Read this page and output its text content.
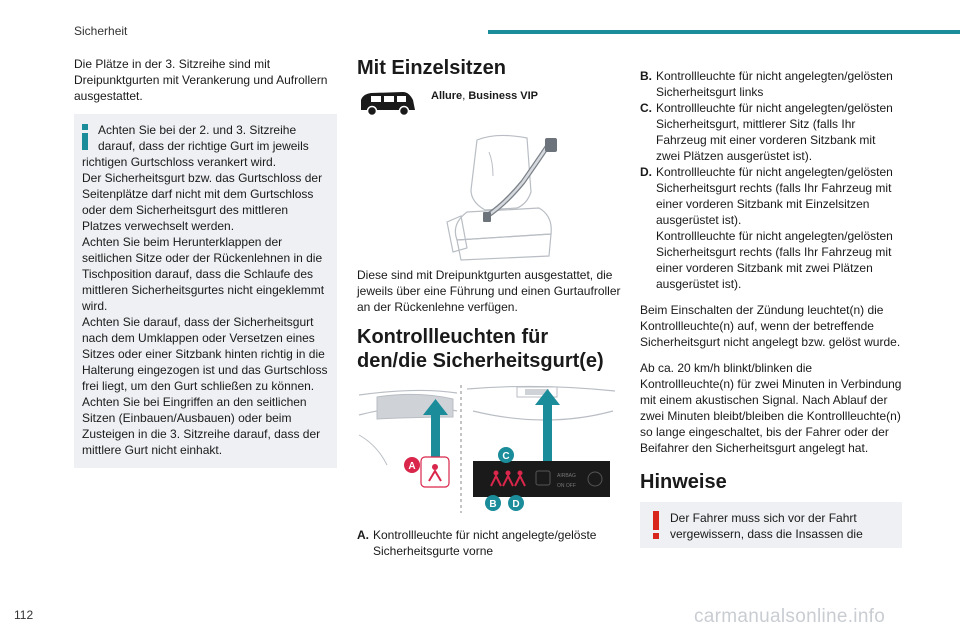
Sicherheit

Die Plätze in der 3. Sitzreihe sind mit Dreipunktgurten mit Verankerung und Aufrollern ausgestattet.

Achten Sie bei der 2. und 3. Sitzreihe darauf, dass der richtige Gurt im jeweils
richtigen Gurtschloss verankert wird.
Der Sicherheitsgurt bzw. das Gurtschloss der Seitenplätze darf nicht mit dem Gurtschloss oder dem Sicherheitsgurt des mittleren Platzes verwechselt werden.
Achten Sie beim Herunterklappen der seitlichen Sitze oder der Rückenlehnen in die Tischposition darauf, dass die Schlaufe des mittleren Sicherheitsgurtes nicht eingeklemmt wird.
Achten Sie darauf, dass der Sicherheitsgurt nach dem Umklappen oder Versetzen eines Sitzes oder einer Sitzbank hinten richtig in die Halterung eingezogen ist und das Gurtschloss frei liegt, um den Gurt schließen zu können.
Achten Sie bei Eingriffen an den seitlichen Sitzen (Einbauen/Ausbauen) oder beim Zusteigen in die 3. Sitzreihe darauf, dass der mittlere Gurt nicht einhakt.
Mit Einzelsitzen
Allure, Business VIP

Diese sind mit Dreipunktgurten ausgestattet, die jeweils über eine Führung und einen Gurtaufroller an der Rückenlehne verfügen.

Kontrollleuchten für den/die Sicherheitsgurt(e)
AIRBAG
ON OFF
A
C
B D
A. Kontrollleuchte für nicht angelegte/gelöste Sicherheitsgurte vorne
B. Kontrollleuchte für nicht angelegten/gelösten Sicherheitsgurt links
C. Kontrollleuchte für nicht angelegten/gelösten Sicherheitsgurt, mittlerer Sitz (falls Ihr Fahrzeug mit einer vorderen Sitzbank mit zwei Plätzen ausgerüstet ist).
D. Kontrollleuchte für nicht angelegten/gelösten Sicherheitsgurt rechts (falls Ihr Fahrzeug mit einer vorderen Sitzbank mit Einzelsitzen ausgerüstet ist).
Kontrollleuchte für nicht angelegten/gelösten Sicherheitsgurt rechts (falls Ihr Fahrzeug mit einer vorderen Sitzbank mit zwei Plätzen ausgerüstet ist).

Beim Einschalten der Zündung leuchtet(n) die Kontrollleuchte(n) auf, wenn der betreffende Sicherheitsgurt nicht angelegt bzw. gelöst wurde.

Ab ca. 20 km/h blinkt/blinken die Kontrollleuchte(n) für zwei Minuten in Verbindung mit einem akustischen Signal. Nach Ablauf der zwei Minuten bleibt/bleiben die Kontrollleuchte(n) so lange eingeschaltet, bis der Fahrer oder der Beifahrer den Sicherheitsgurt angelegt hat.

Hinweise
Der Fahrer muss sich vor der Fahrt vergewissern, dass die Insassen die
112	carmanualsonline.info
